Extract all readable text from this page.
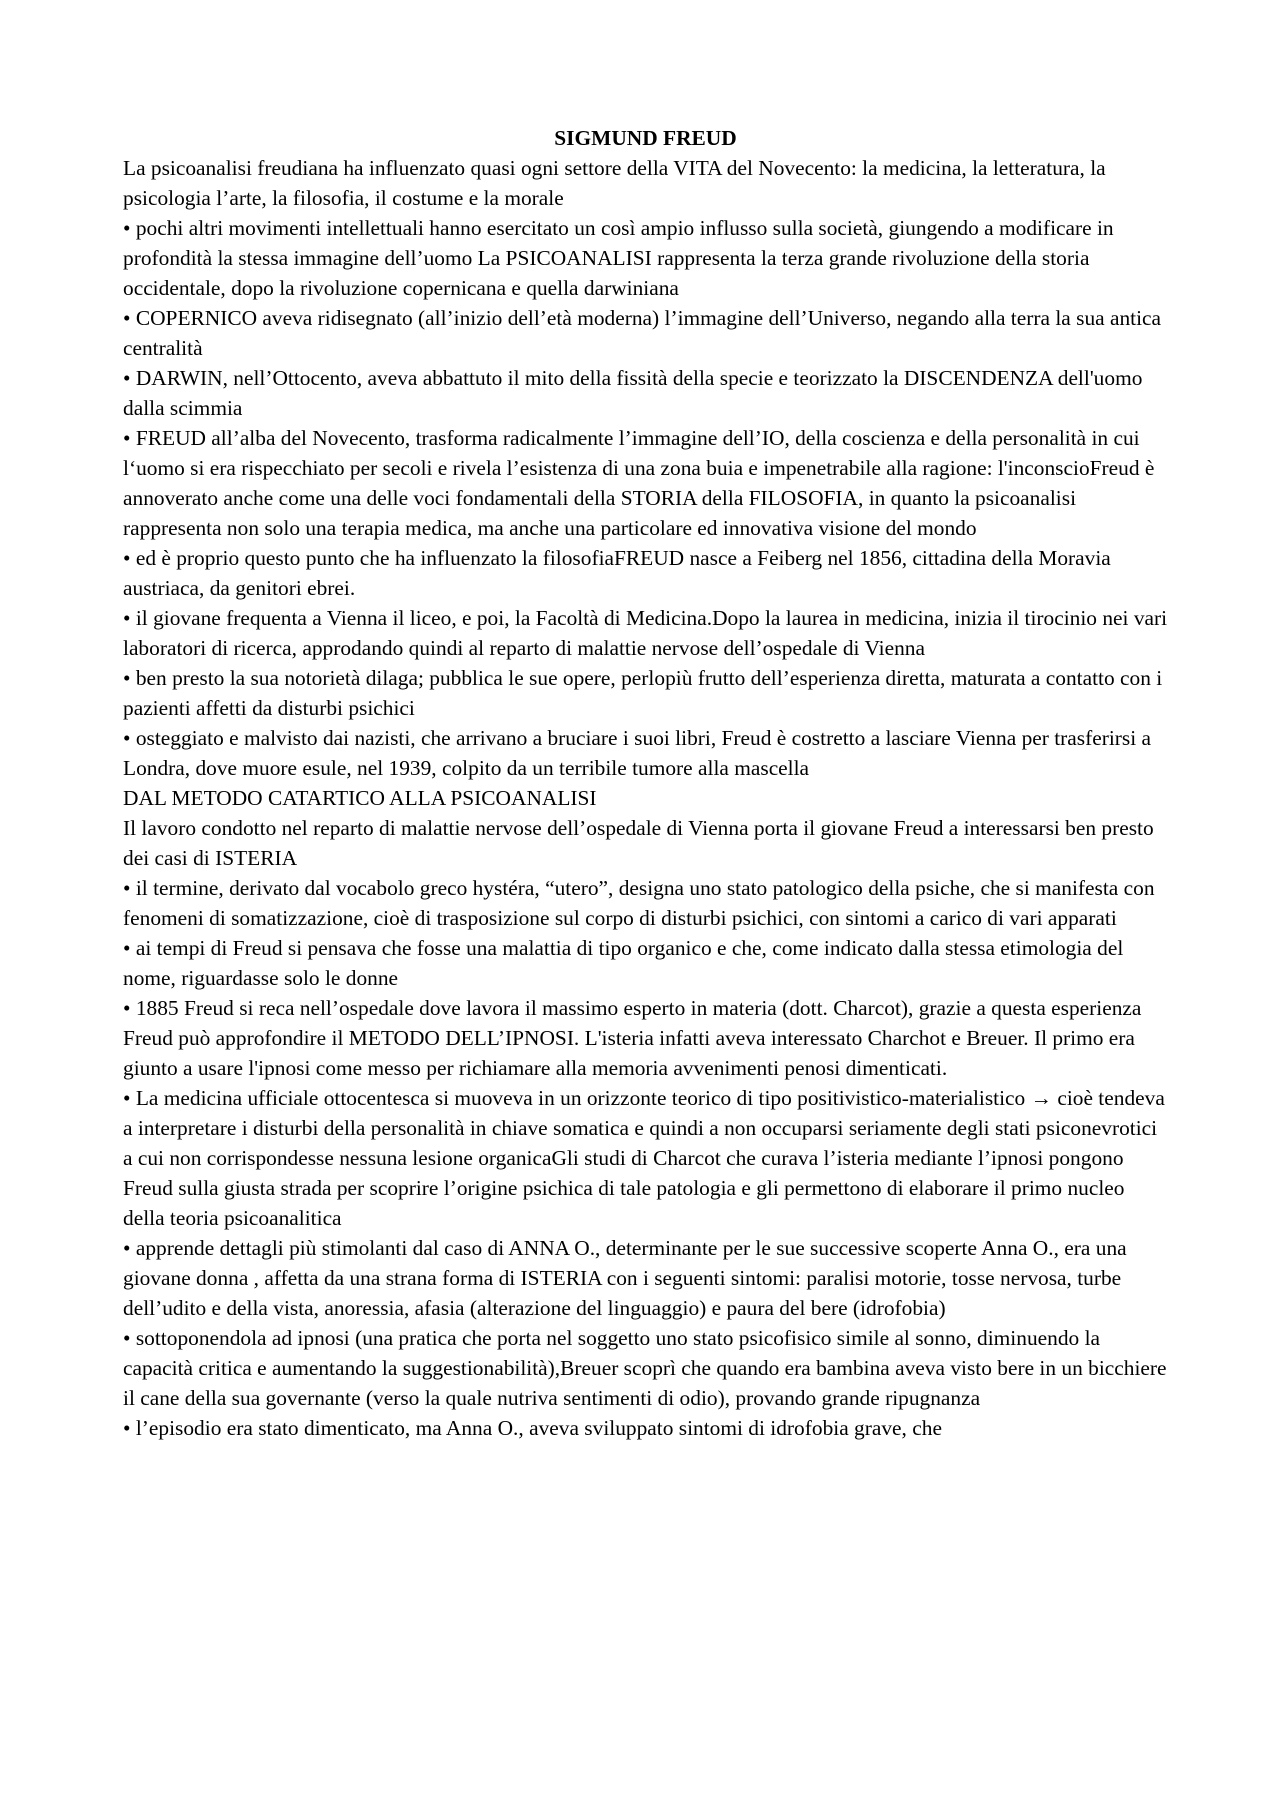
SIGMUND FREUD
La psicoanalisi freudiana ha influenzato quasi ogni settore della VITA del Novecento: la medicina, la letteratura, la psicologia l’arte, la filosofia, il costume e la morale
• pochi altri movimenti intellettuali hanno esercitato un così ampio influsso sulla società, giungendo a modificare in profondità la stessa immagine dell’uomo La PSICOANALISI rappresenta la terza grande rivoluzione della storia occidentale, dopo la rivoluzione copernicana e quella darwiniana
• COPERNICO aveva ridisegnato (all’inizio dell’età moderna) l’immagine dell’Universo, negando alla terra la sua antica centralità
• DARWIN, nell’Ottocento, aveva abbattuto il mito della fissità della specie e teorizzato la DISCENDENZA dell'uomo dalla scimmia
• FREUD all’alba del Novecento, trasforma radicalmente l’immagine dell’IO, della coscienza e della personalità in cui l‘uomo si era rispecchiato per secoli e rivela l’esistenza di una zona buia e impenetrabile alla ragione: l'inconscioFreud è annoverato anche come una delle voci fondamentali della STORIA della FILOSOFIA, in quanto la psicoanalisi rappresenta non solo una terapia medica, ma anche una particolare ed innovativa visione del mondo
• ed è proprio questo punto che ha influenzato la filosofiaFREUD nasce a Feiberg nel 1856, cittadina della Moravia austriaca, da genitori ebrei.
• il giovane frequenta a Vienna il liceo, e poi, la Facoltà di Medicina.Dopo la laurea in medicina, inizia il tirocinio nei vari laboratori di ricerca, approdando quindi al reparto di malattie nervose dell’ospedale di Vienna
• ben presto la sua notorietà dilaga; pubblica le sue opere, perlopiù frutto dell’esperienza diretta, maturata a contatto con i pazienti affetti da disturbi psichici
• osteggiato e malvisto dai nazisti, che arrivano a bruciare i suoi libri, Freud è costretto a lasciare Vienna per trasferirsi a Londra, dove muore esule, nel 1939, colpito da un terribile tumore alla mascella
DAL METODO CATARTICO ALLA PSICOANALISI
Il lavoro condotto nel reparto di malattie nervose dell’ospedale di Vienna porta il giovane Freud a interessarsi ben presto dei casi di ISTERIA
• il termine, derivato dal vocabolo greco hystéra, “utero”, designa uno stato patologico della psiche, che si manifesta con fenomeni di somatizzazione, cioè di trasposizione sul corpo di disturbi psichici, con sintomi a carico di vari apparati
• ai tempi di Freud si pensava che fosse una malattia di tipo organico e che, come indicato dalla stessa etimologia del nome, riguardasse solo le donne
• 1885 Freud si reca nell’ospedale dove lavora il massimo esperto in materia (dott. Charcot), grazie a questa esperienza Freud può approfondire il METODO DELL’IPNOSI. L'isteria infatti aveva interessato Charchot e Breuer. Il primo era giunto a usare l'ipnosi come messo per richiamare alla memoria avvenimenti penosi dimenticati.
• La medicina ufficiale ottocentesca si muoveva in un orizzonte teorico di tipo positivistico-materialistico → cioè tendeva a interpretare i disturbi della personalità in chiave somatica e quindi a non occuparsi seriamente degli stati psiconevrotici a cui non corrispondesse nessuna lesione organicaGli studi di Charcot che curava l’isteria mediante l’ipnosi pongono Freud sulla giusta strada per scoprire l’origine psichica di tale patologia e gli permettono di elaborare il primo nucleo della teoria psicoanalitica
• apprende dettagli più stimolanti dal caso di ANNA O., determinante per le sue successive scoperte Anna O., era una giovane donna , affetta da una strana forma di ISTERIA con i seguenti sintomi: paralisi motorie, tosse nervosa, turbe dell’udito e della vista, anoressia, afasia (alterazione del linguaggio) e paura del bere (idrofobia)
• sottoponendola ad ipnosi (una pratica che porta nel soggetto uno stato psicofisico simile al sonno, diminuendo la capacità critica e aumentando la suggestionabilità),Breuer scoprì che quando era bambina aveva visto bere in un bicchiere il cane della sua governante (verso la quale nutriva sentimenti di odio), provando grande ripugnanza
• l’episodio era stato dimenticato, ma Anna O., aveva sviluppato sintomi di idrofobia grave, che
